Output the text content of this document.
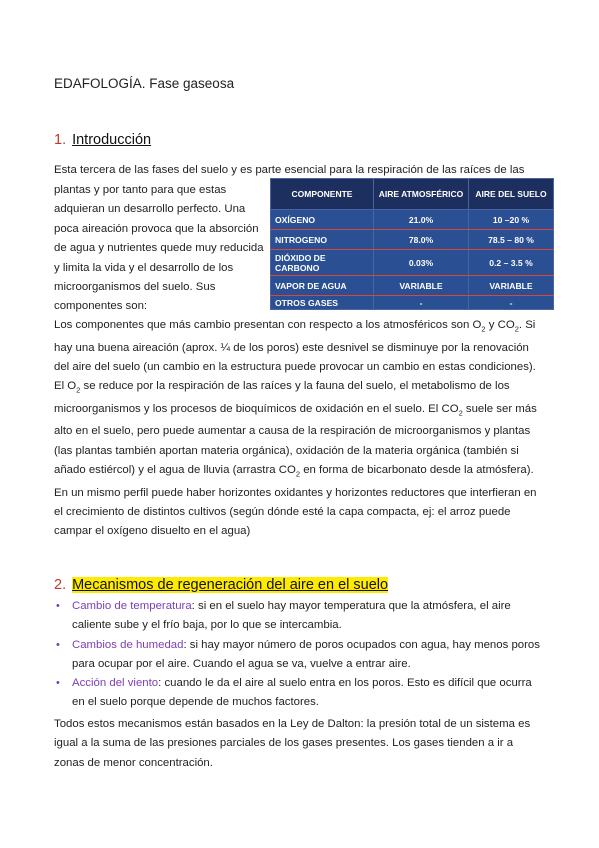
EDAFOLOGÍA. Fase gaseosa
1. Introducción
Esta tercera de las fases del suelo y es parte esencial para la respiración de las raíces de las
plantas y por tanto para que estas adquieran un desarrollo perfecto. Una poca aireación provoca que la absorción de agua y nutrientes quede muy reducida y limita la vida y el desarrollo de los microorganismos del suelo. Sus componentes son:
COMPONENTE	AIRE ATMOSFÉRICO	AIRE DEL SUELO
OXÍGENO	21.0%	10 –20 %
NITROGENO	78.0%	78.5 – 80 %
DIÓXIDO DE CARBONO	0.03%	0.2 – 3.5 %
VAPOR DE AGUA	VARIABLE	VARIABLE
OTROS GASES	-	-
Los componentes que más cambio presentan con respecto a los atmosféricos son $O_2$ y $CO_2$. Si hay una buena aireación (aprox. ¼ de los poros) este desnivel se disminuye por la renovación del aire del suelo (un cambio en la estructura puede provocar un cambio en estas condiciones). El $O_2$ se reduce por la respiración de las raíces y la fauna del suelo, el metabolismo de los microorganismos y los procesos de bioquímicos de oxidación en el suelo. El $CO_2$ suele ser más alto en el suelo, pero puede aumentar a causa de la respiración de microorganismos y plantas (las plantas también aportan materia orgánica), oxidación de la materia orgánica (también si añado estiércol) y el agua de lluvia (arrastra $CO_2$ en forma de bicarbonato desde la atmósfera). En un mismo perfil puede haber horizontes oxidantes y horizontes reductores que interfieran en el crecimiento de distintos cultivos (según dónde esté la capa compacta, ej: el arroz puede campar el oxígeno disuelto en el agua)
2. Mecanismos de regeneración del aire en el suelo
• Cambio de temperatura: si en el suelo hay mayor temperatura que la atmósfera, el aire caliente sube y el frío baja, por lo que se intercambia.
• Cambios de humedad: si hay mayor número de poros ocupados con agua, hay menos poros para ocupar por el aire. Cuando el agua se va, vuelve a entrar aire.
• Acción del viento: cuando le da el aire al suelo entra en los poros. Esto es difícil que ocurra en el suelo porque depende de muchos factores.
Todos estos mecanismos están basados en la Ley de Dalton: la presión total de un sistema es igual a la suma de las presiones parciales de los gases presentes. Los gases tienden a ir a zonas de menor concentración.
